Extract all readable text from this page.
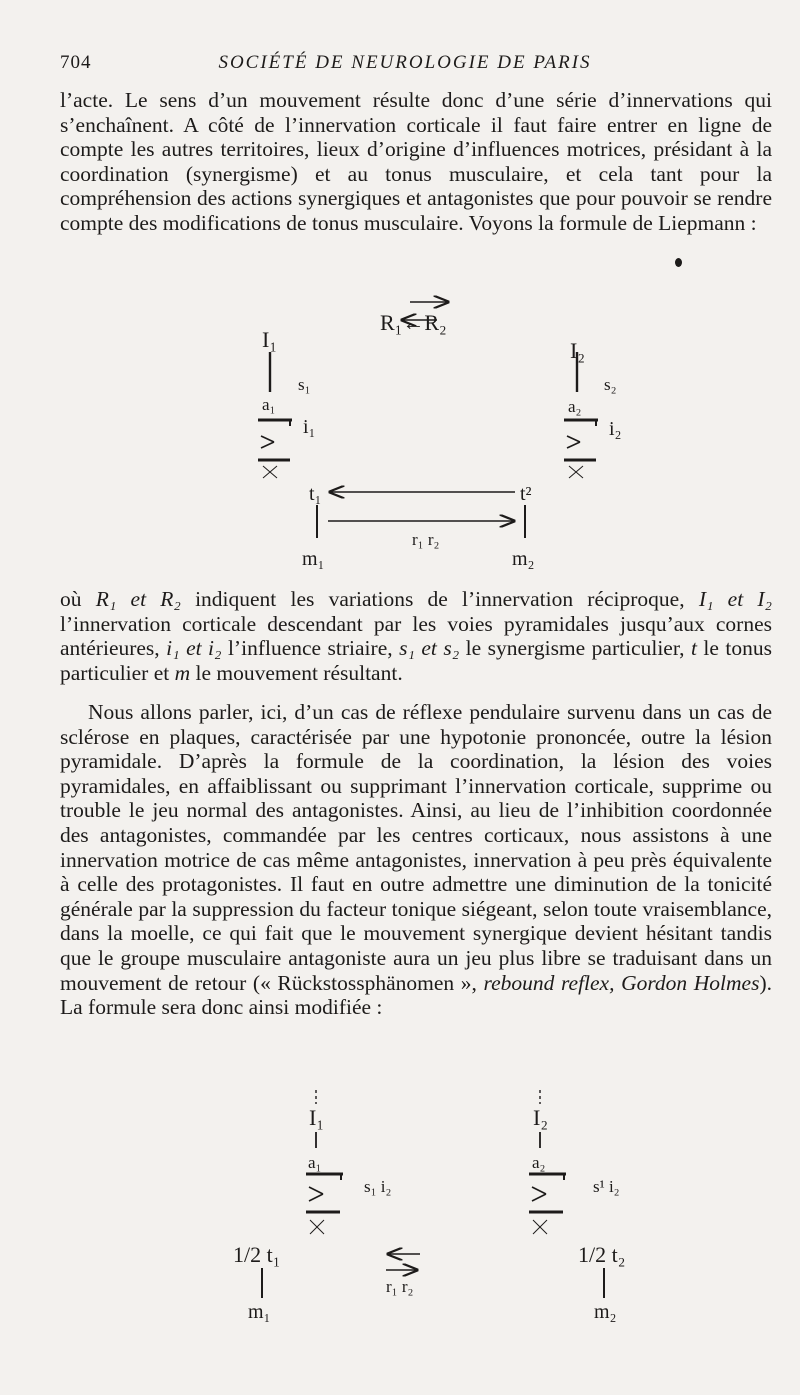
704	SOCIÉTÉ DE NEUROLOGIE DE PARIS

l’acte. Le sens d’un mouvement résulte donc d’une série d’innervations qui s’enchaînent. A côté de l’innervation corticale il faut faire entrer en ligne de compte les autres territoires, lieux d’origine d’influences motrices, présidant à la coordination (synergisme) et au tonus musculaire, et cela tant pour la compréhension des actions synergiques et antagonistes que pour pouvoir se rendre compte des modifications de tonus musculaire. Voyons la formule de Liepmann :

où R₁ et R₂ indiquent les variations de l’innervation réciproque, I₁ et I₂ l’innervation corticale descendant par les voies pyramidales jusqu’aux cornes antérieures, i₁ et i₂ l’influence striaire, s₁ et s₂ le synergisme particulier, t le tonus particulier et m le mouvement résultant.

Nous allons parler, ici, d’un cas de réflexe pendulaire survenu dans un cas de sclérose en plaques, caractérisée par une hypotonie prononcée, outre la lésion pyramidale. D’après la formule de la coordination, la lésion des voies pyramidales, en affaiblissant ou supprimant l’innervation corticale, supprime ou trouble le jeu normal des antagonistes. Ainsi, au lieu de l’inhibition coordonnée des antagonistes, commandée par les centres corticaux, nous assistons à une innervation motrice de cas même antagonistes, innervation à peu près équivalente à celle des protagonistes. Il faut en outre admettre une diminution de la tonicité générale par la suppression du facteur tonique siégeant, selon toute vraisemblance, dans la moelle, ce qui fait que le mouvement synergique devient hésitant tandis que le groupe musculaire antagoniste aura un jeu plus libre se traduisant dans un mouvement de retour (« Rückstossphänomen », rebound reflex, Gordon Holmes). La formule sera donc ainsi modifiée :

R₁←R₂
I₁	I₂
s₁	s₂
a₁	a₂
i₁	i₂
t₁	t²
r₁ r₂
m₁	m₂
I₁	I₂
a₁	a₂
s₁ i₂	s¹ i₂
1/2 t₁	1/2 t₂
r₁ r₂
m₁	m₂
